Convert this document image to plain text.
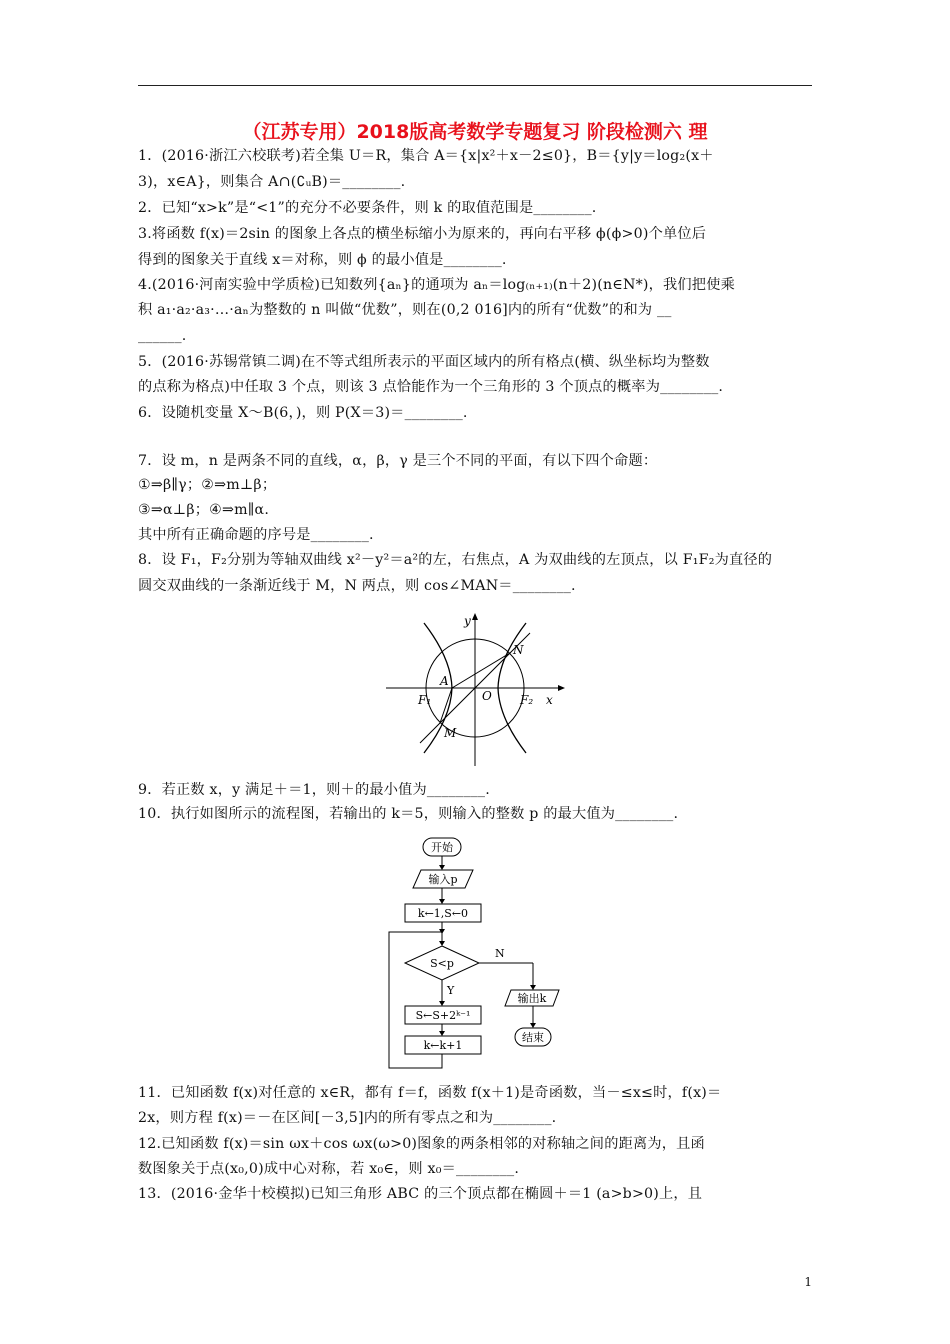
（江苏专用）2018版高考数学专题复习 阶段检测六 理
1．(2016·浙江六校联考)若全集 U＝R，集合 A＝{x|x²＋x－2≤0}，B＝{y|y＝log₂(x＋
3)，x∈A}，则集合 A∩(∁ᵤB)＝________.
2．已知“x>k”是“<1”的充分不必要条件，则 k 的取值范围是________.
3.将函数 f(x)＝2sin 的图象上各点的横坐标缩小为原来的，再向右平移 ϕ(ϕ>0)个单位后
得到的图象关于直线 x＝对称，则 ϕ 的最小值是________.
4.(2016·河南实验中学质检)已知数列{aₙ}的通项为 aₙ＝log₍ₙ₊₁₎(n＋2)(n∈N*)，我们把使乘
积 a₁·a₂·a₃·…·aₙ为整数的 n 叫做“优数”，则在(0,2 016]内的所有“优数”的和为 __
______.
5．(2016·苏锡常镇二调)在不等式组所表示的平面区域内的所有格点(横、纵坐标均为整数
的点称为格点)中任取 3 个点，则该 3 点恰能作为一个三角形的 3 个顶点的概率为________.
6．设随机变量 X～B(6，)，则 P(X＝3)＝________.
7．设 m，n 是两条不同的直线，α，β，γ 是三个不同的平面，有以下四个命题：
①⇒β∥γ；②⇒m⊥β；
③⇒α⊥β；④⇒m∥α.
其中所有正确命题的序号是________.
8．设 F₁，F₂分别为等轴双曲线 x²－y²＝a²的左，右焦点，A 为双曲线的左顶点，以 F₁F₂为直径的
圆交双曲线的一条渐近线于 M，N 两点，则 cos∠MAN＝________.
y
x
N
A
O
F₁	F₂
M
9．若正数 x，y 满足＋＝1，则＋的最小值为________.
10．执行如图所示的流程图，若输出的 k＝5，则输入的整数 p 的最大值为________.
开始
输入p
k←1,S←0
S<p
N
输出k
结束
Y
S←S+2ᵏ⁻¹
k←k+1
11．已知函数 f(x)对任意的 x∈R，都有 f＝f，函数 f(x＋1)是奇函数，当－≤x≤时，f(x)＝
2x，则方程 f(x)＝－在区间[－3,5]内的所有零点之和为________.
12.已知函数 f(x)＝sin ωx＋cos ωx(ω>0)图象的两条相邻的对称轴之间的距离为，且函
数图象关于点(x₀,0)成中心对称，若 x₀∈，则 x₀＝________.
13．(2016·金华十校模拟)已知三角形 ABC 的三个顶点都在椭圆＋＝1 (a>b>0)上，且
1
